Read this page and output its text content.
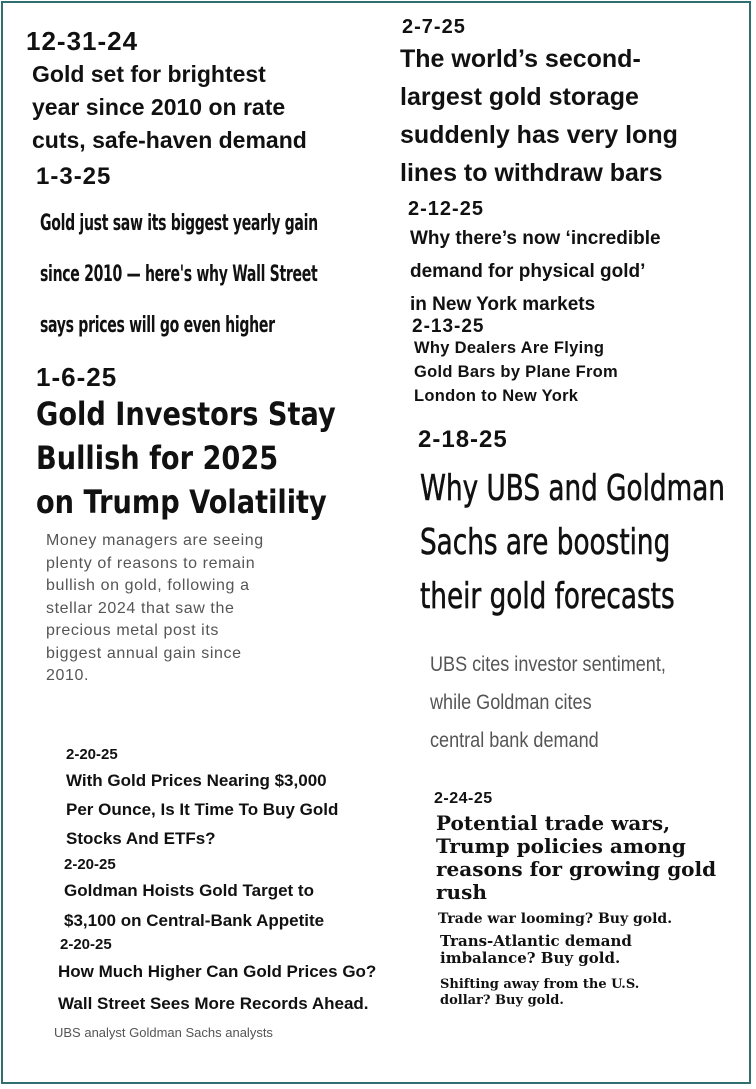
12-31-24
Gold set for brightest
year since 2010 on rate
cuts, safe-haven demand
1-3-25
Gold just saw its biggest yearly gain
since 2010 — here's why Wall Street
says prices will go even higher
1-6-25
Gold Investors Stay
Bullish for 2025
on Trump Volatility
Money managers are seeing
plenty of reasons to remain
bullish on gold, following a
stellar 2024 that saw the
precious metal post its
biggest annual gain since
2010.
2-20-25
With Gold Prices Nearing $3,000
Per Ounce, Is It Time To Buy Gold
Stocks And ETFs?
2-20-25
Goldman Hoists Gold Target to
$3,100 on Central-Bank Appetite
2-20-25
How Much Higher Can Gold Prices Go?
Wall Street Sees More Records Ahead.
UBS analyst Goldman Sachs analysts
2-7-25
The world’s second-
largest gold storage
suddenly has very long
lines to withdraw bars
2-12-25
Why there’s now ‘incredible
demand for physical gold’
in New York markets
2-13-25
Why Dealers Are Flying
Gold Bars by Plane From
London to New York
2-18-25
Why UBS and Goldman
Sachs are boosting
their gold forecasts
UBS cites investor sentiment,
while Goldman cites
central bank demand
2-24-25
Potential trade wars,
Trump policies among
reasons for growing gold
rush
Trade war looming? Buy gold.
Trans-Atlantic demand
imbalance? Buy gold.
Shifting away from the U.S.
dollar? Buy gold.
